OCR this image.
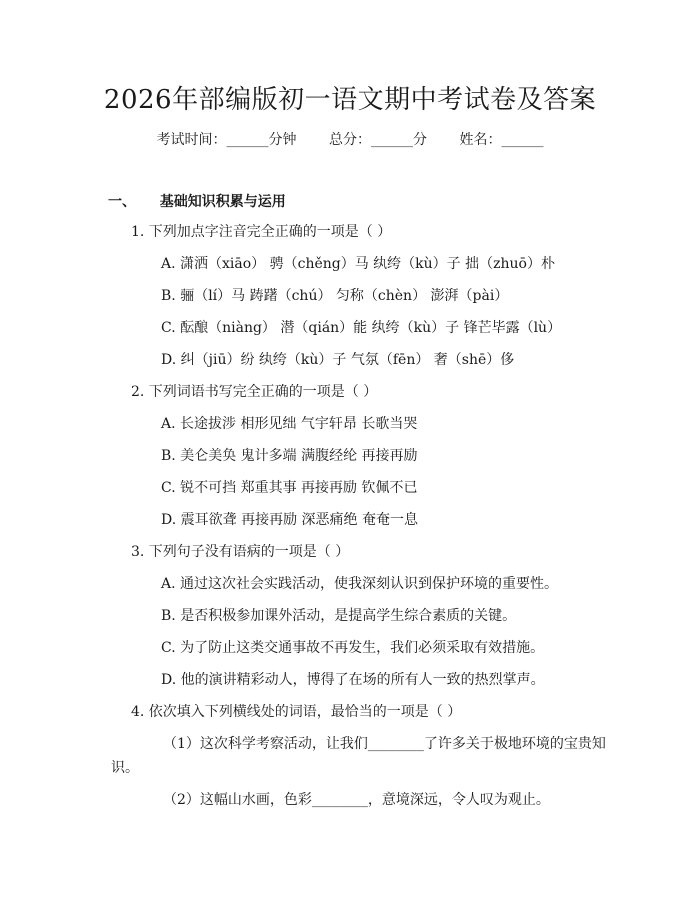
2026年部编版初一语文期中考试卷及答案
考试时间：______分钟 总分：______分 姓名：______
一、 基础知识积累与运用
1. 下列加点字注音完全正确的一项是（ ）
A. 潇洒（xiāo） 骋（chěng）马 纨绔（kù）子 拙（zhuō）朴
B. 骊（lí）马 踌躇（chú） 匀称（chèn） 澎湃（pài）
C. 酝酿（niàng） 潜（qián）能 纨绔（kù）子 锋芒毕露（lù）
D. 纠（jiū）纷 纨绔（kù）子 气氛（fēn） 奢（shē）侈
2. 下列词语书写完全正确的一项是（ ）
A. 长途拔涉 相形见绌 气宇轩昂 长歌当哭
B. 美仑美奂 鬼计多端 满腹经纶 再接再励
C. 锐不可挡 郑重其事 再接再励 钦佩不已
D. 震耳欲聋 再接再励 深恶痛绝 奄奄一息
3. 下列句子没有语病的一项是（ ）
A. 通过这次社会实践活动，使我深刻认识到保护环境的重要性。
B. 是否积极参加课外活动，是提高学生综合素质的关键。
C. 为了防止这类交通事故不再发生，我们必须采取有效措施。
D. 他的演讲精彩动人，博得了在场的所有人一致的热烈掌声。
4. 依次填入下列横线处的词语，最恰当的一项是（ ）
（1）这次科学考察活动，让我们________了许多关于极地环境的宝贵知
识。
（2）这幅山水画，色彩________，意境深远，令人叹为观止。
